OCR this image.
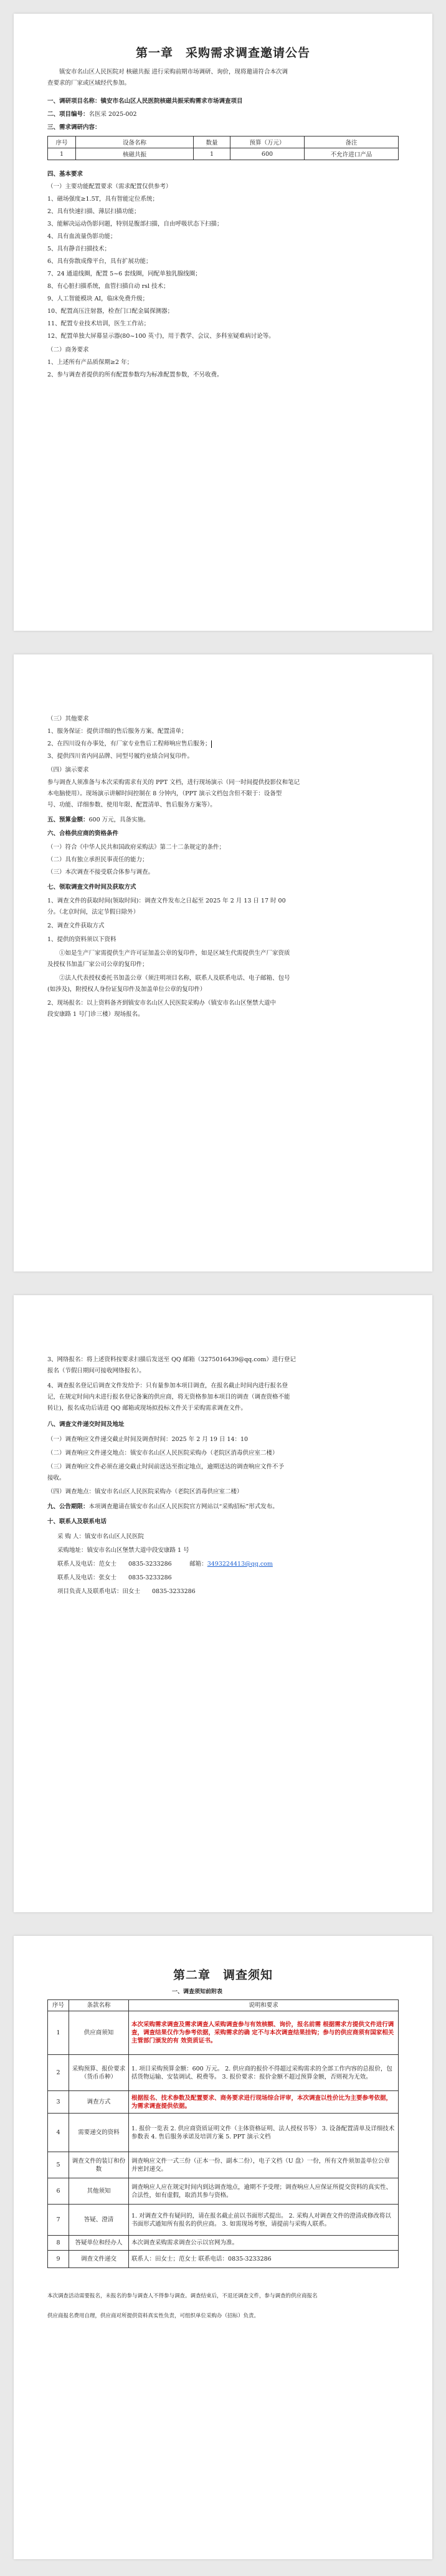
第一章　采购需求调查邀请公告

　　镇安市名山区人民医院对 核磁共振 进行采购前期市场调研、询价，现将邀请符合本次调

查要求的厂家或区域经代参加。

一、调研项目名称：镇安市名山区人民医院核磁共振采购需求市场调查项目

二、项目编号：名医采 2025-002

三、需求调研内容：

序号	设备名称	数量	预算（万元）	备注
1	核磁共振	1	600	不允许进口产品

四、基本要求

（一）主要功能配置要求（需求配置仅供参考）

1、磁场强度≥1.5T，具有智能定位系统；

2、具有快速扫描、薄层扫描功能；

3、能解决运动伪影问题，特别是腹部扫描，自由呼吸状态下扫描；

4、具有血流量伪影功能；

5、具有静音扫描技术；

6、具有弥散成像平台，具有扩展功能；

7、24 通道线圈，配置 5~6 套线圈，同配单独乳腺线圈；

8、有心脏扫描系统，血管扫描自动 rsl 技术；

9、人工智能模块 AI，临床免费升级；

10、配置高压注射器，检查门口配金属探测器；

11、配置专业技术培训，医生工作站；

12、配置单独大屏幕显示器(80~100 英寸)，用于教学、会议、多科室疑难病讨论等。

（二）商务要求

1、上述所有产品质保期≥2 年；

2、参与调查者提供的所有配置参数均为标准配置参数，不另收费。

（三）其他要求

1、服务保证：提供详细的售后服务方案、配置清单；

2、在四川设有办事处，有厂家专业售后工程师响应售后服务；

3、提供四川省内同品牌、同型号履约业绩合同复印件。

（四）演示要求

参与调查人须准备与本次采购需求有关的 PPT 文档，进行现场演示（同一时间提供投影仪和笔记

本电脑使用）。现场演示讲解时间控制在 8 分钟内，（PPT 演示文档包含但不限于：设备型

号、功能、详细参数、使用年限、配置清单、售后服务方案等）。

五、预算金额：600 万元，具备实施。

六、合格供应商的资格条件

（一）符合《中华人民共和国政府采购法》第二十二条规定的条件；

（二）具有独立承担民事责任的能力；

（三）本次调查不接受联合体参与调查。

七、领取调查文件时间及获取方式

1、调查文件的获取时间(领取时间)：调查文件发布之日起至 2025 年 2 月 13 日 17 时 00

分。（北京时间，法定节假日除外）

2、调查文件获取方式

1、提供的资料须以下资料

　　①如是生产厂家需提供生产许可证加盖公章的复印件，如是区域生代需提供生产厂家资质

及授权书加盖厂家公司公章的复印件；

　　②法人代表授权委托书加盖公章（须注明项目名称，联系人及联系电话、电子邮箱、包号

(如涉及)，附授权人身份证复印件及加盖单位公章的复印件）

2、现场报名：以上资料备齐到镇安市名山区人民医院采购办（镇安市名山区堡禁大道中

段安康路 1 号门诊三楼）现场报名。

3、网络报名：将上述资料按要求扫描后发送至 QQ 邮箱（3275016439@qq.com）进行登记

报名（节假日期间可接收网络报名）。

4、调查报名登记后调查文件发给予：只有量参加本项目调查，在报名截止时间内进行报名登

记，在规定时间内未进行报名登记备案的供应商，将无资格参加本项目的调查（调查资格不能

转让)，报名成功后请进 QQ 邮箱或现场拟投标文件关于采购需求调查文件。

八、调查文件递交时间及地址

（一）调查响应文件递交截止时间及调查时间：2025 年 2 月 19 日 14：10

（二）调查响应文件递交地点：镇安市名山区人民医院采购办（老院区消毒供应室二楼）

（三）调查响应文件必须在递交截止时间前送达至指定地点，逾期送达的调查响应文件不予

接收。

（四）调查地点：镇安市名山区人民医院采购办（老院区消毒供应室二楼）

九、公告期限：本项调查邀请在镇安市名山区人民医院官方网站以“采购招标”形式发布。

十、联系人及联系电话

采 购 人：镇安市名山区人民医院

采购地址：镇安市名山区堡禁大道中段安康路 1 号

联系人及电话：范女士　　0835-3233286　　　邮箱：3493224413@qq.com

联系人及电话：张女士　　0835-3233286

项目负责人及联系电话：田女士　　0835-3233286

第二章　调查须知

一、调查须知前附表

序号	条款名称	说明和要求
1	供应商须知	本次采购需求调查及需求调查人采购调查参与有效核额、询价，报名前需 根据需求方提供文件进行调查，调查结果仅作为参考依据，采购需求的确 定不与本次调查结果挂钩；参与的供应商须有国家相关主管部门颁发的有 效资质证书。
2	采购预算、报价要求（货币币种）	1. 项目采购预算金额：600 万元。 2. 供应商的报价不得超过采购需求的全部工作内容的总报价，包括货物运输、安装调试、税费等。 3. 报价要求：报价金额不超过预算金额，否则视为无效。
3	调查方式	根据报名、技术参数及配置要求、商务要求进行现场综合评审，本次调查以性价比为主要参考依据，为需求调查提供依据。
4	需要递交的资料	1. 报价一览表 2. 供应商资质证明文件（主体资格证明、法人授权书等） 3. 设备配置清单及详细技术参数表 4. 售后服务承诺及培训方案 5. PPT 演示文档
5	调查文件的装订和份数	调查响应文件一式三份（正本一份、副本二份），电子文档（U 盘）一份，所有文件须加盖单位公章并密封递交。
6	其他须知	调查响应人应在规定时间内到达调查地点，逾期不予受理；调查响应人应保证所提交资料的真实性、合法性，如有虚假，取消其参与资格。
7	答疑、澄清	1. 对调查文件有疑问的，请在报名截止前以书面形式提出。 2. 采购人对调查文件的澄清或修改将以书面形式通知所有报名的供应商。 3. 如需现场考察，请提前与采购人联系。
8	答疑单位和经办人	本次调查采购需求调查公示以官网为准。
9	调查文件递交	联系人：田女士；范女士 联系电话：0835-3233286

本次调查活动需要报名，未报名的参与调查人不得参与调查。调查结束后，不退还调查文件，参与调查的供应商报名

供应商报名费用自理，供应商对所提供资料真实性负责，可组织单位采购办（招标）负责。
